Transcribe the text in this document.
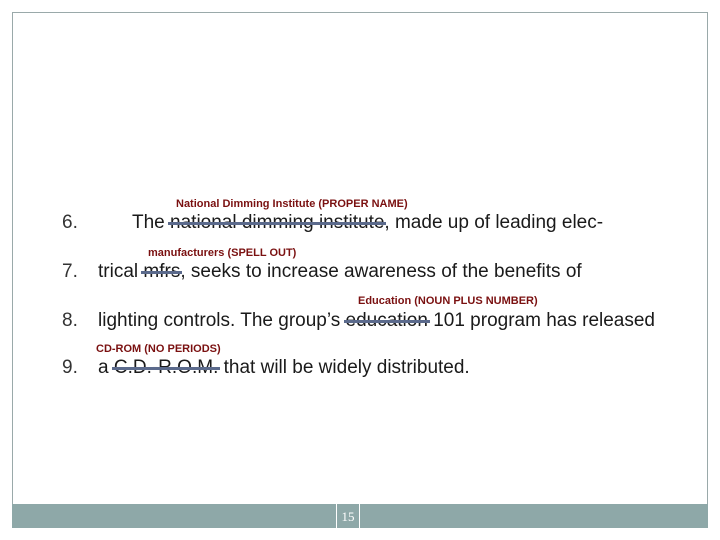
National Dimming Institute (PROPER NAME)
6.	The national dimming institute, made up of leading elec-
manufacturers (SPELL OUT)
7. trical mfrs, seeks to increase awareness of the benefits of
Education (NOUN PLUS NUMBER)
8. lighting controls. The group’s education 101 program has released
CD-ROM (NO PERIODS)
9. a C.D.-R.O.M. that will be widely distributed.
15
